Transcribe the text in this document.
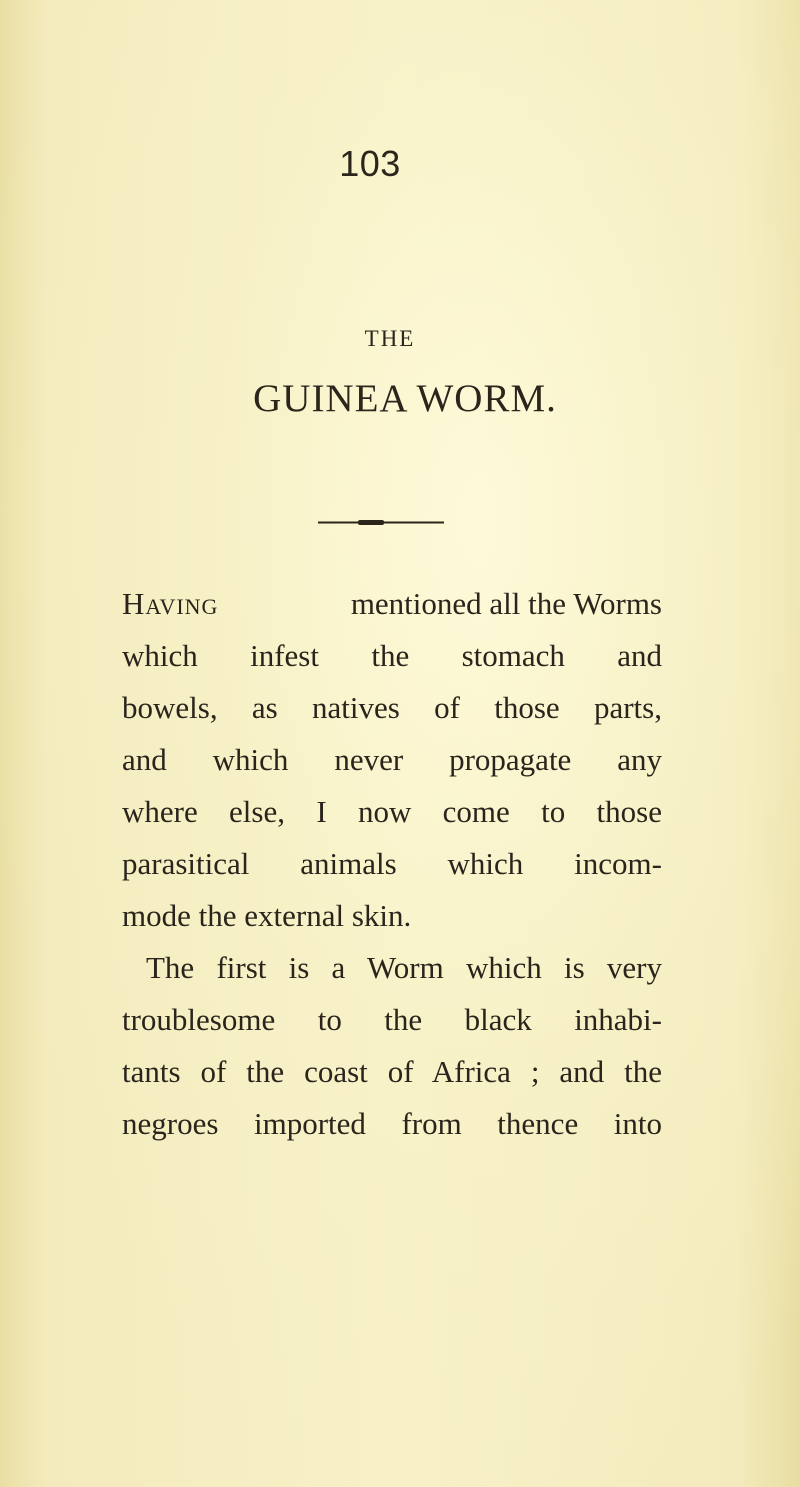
103
THE
GUINEA WORM.
Having	mentioned all the Worms
which infest the stomach and
bowels, as natives of those parts,
and which never propagate any
where else, I now come to those
parasitical animals which incom-
mode the external skin.
The first is a Worm which is very
troublesome to the black inhabi-
tants of the coast of Africa ; and the
negroes imported from thence into
